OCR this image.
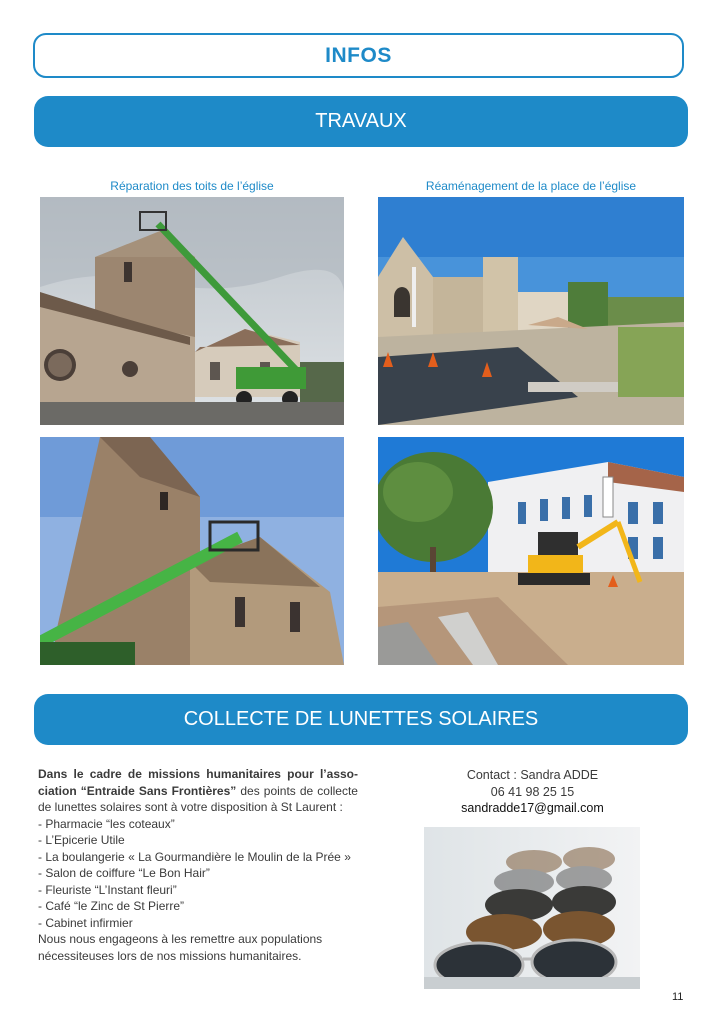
INFOS
TRAVAUX
Réparation des toits de l’église	Réaménagement de la place de l’église
COLLECTE DE LUNETTES SOLAIRES
Dans le cadre de missions humanitaires pour l’asso-ciation “Entraide Sans Frontières” des points de collecte de lunettes solaires sont à votre disposition à St Laurent :
- Pharmacie “les coteaux”
- L’Epicerie Utile
- La boulangerie « La Gourmandière le Moulin de la Prée »
- Salon de coiffure “Le Bon Hair”
- Fleuriste “L’Instant fleuri”
- Café “le Zinc de St Pierre”
- Cabinet infirmier
Nous nous engageons à les remettre aux populations nécessiteuses lors de nos missions humanitaires.
Contact : Sandra ADDE
06 41 98 25 15
sandradde17@gmail.com
11
